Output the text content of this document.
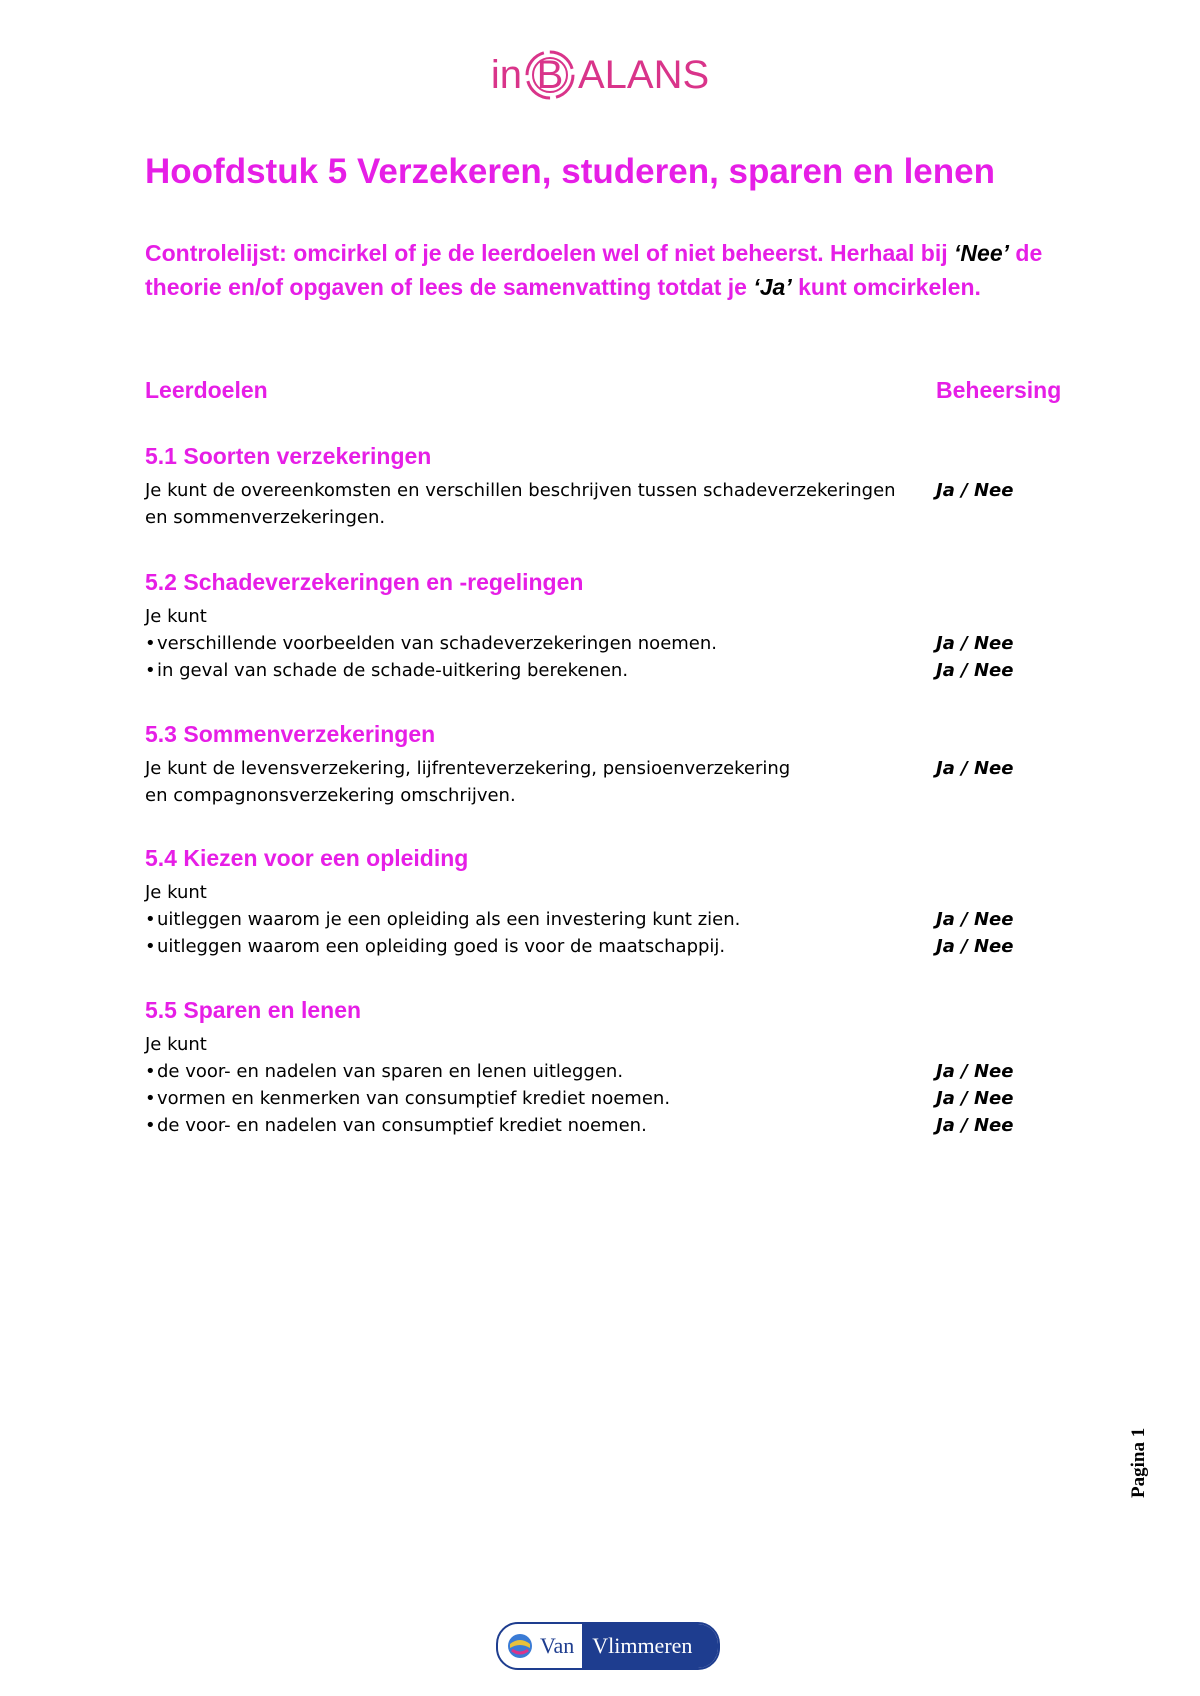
in B ALANS
Hoofdstuk 5 Verzekeren, studeren, sparen en lenen

Controlelijst: omcirkel of je de leerdoelen wel of niet beheerst. Herhaal bij ‘Nee’ de theorie en/of opgaven of lees de samenvatting totdat je ‘Ja’ kunt omcirkelen.

Leerdoelen	Beheersing
5.1 Soorten verzekeringen
Je kunt de overeenkomsten en verschillen beschrijven tussen schadeverzekeringen	Ja / Nee
en sommenverzekeringen.
5.2 Schadeverzekeringen en -regelingen
Je kunt
•verschillende voorbeelden van schadeverzekeringen noemen.	Ja / Nee
•in geval van schade de schade-uitkering berekenen.	Ja / Nee
5.3 Sommenverzekeringen
Je kunt de levensverzekering, lijfrenteverzekering, pensioenverzekering	Ja / Nee
en compagnonsverzekering omschrijven.
5.4 Kiezen voor een opleiding
Je kunt
•uitleggen waarom je een opleiding als een investering kunt zien.	Ja / Nee
•uitleggen waarom een opleiding goed is voor de maatschappij.	Ja / Nee
5.5 Sparen en lenen
Je kunt
•de voor- en nadelen van sparen en lenen uitleggen.	Ja / Nee
•vormen en kenmerken van consumptief krediet noemen.	Ja / Nee
•de voor- en nadelen van consumptief krediet noemen.	Ja / Nee
Pagina 1
Van Vlimmeren
